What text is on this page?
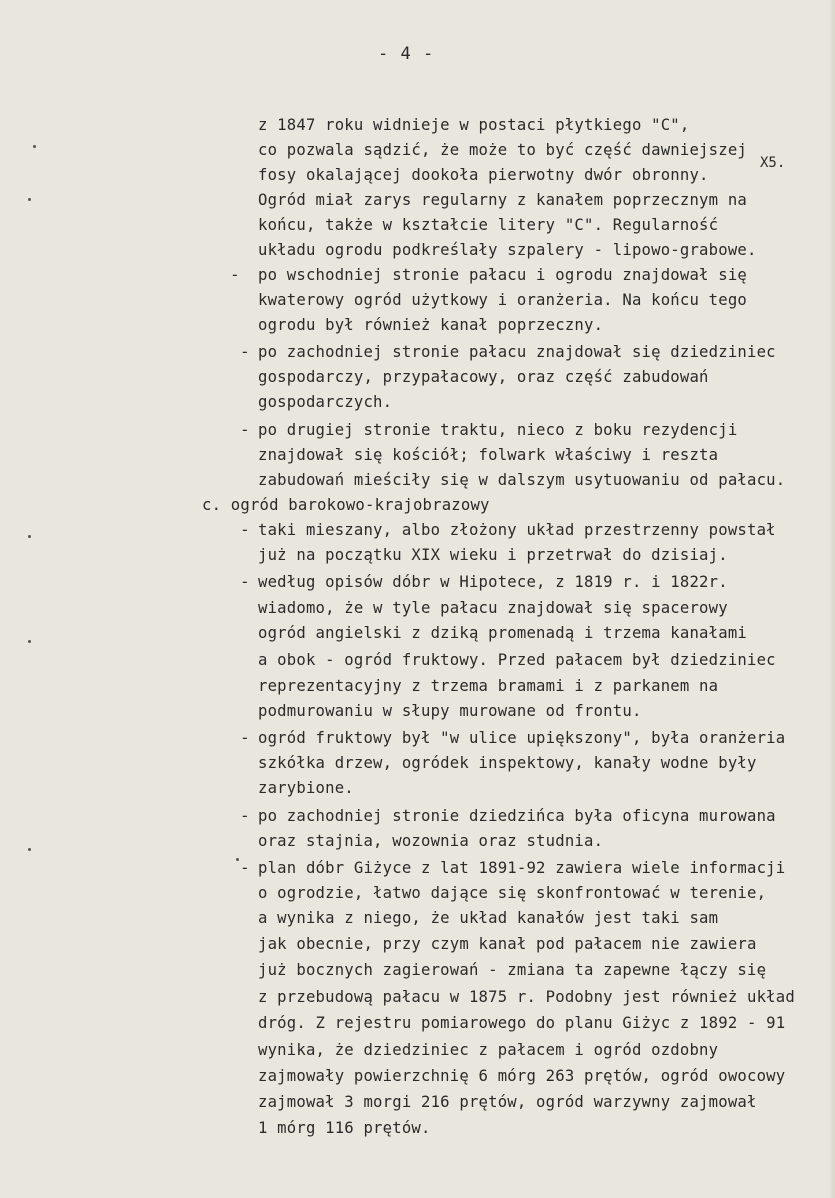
- 4 -
z 1847 roku widnieje w postaci płytkiego "C",
co pozwala sądzić, że może to być część dawniejszej
fosy okalającej dookoła pierwotny dwór obronny.
X5.
Ogród miał zarys regularny z kanałem poprzecznym na
końcu, także w kształcie litery "C". Regularność
układu ogrodu podkreślały szpalery - lipowo-grabowe.
- po wschodniej stronie pałacu i ogrodu znajdował się
kwaterowy ogród użytkowy i oranżeria. Na końcu tego
ogrodu był również kanał poprzeczny.
- po zachodniej stronie pałacu znajdował się dziedziniec
gospodarczy, przypałacowy, oraz część zabudowań
gospodarczych.
- po drugiej stronie traktu, nieco z boku rezydencji
znajdował się kościół; folwark właściwy i reszta
zabudowań mieściły się w dalszym usytuowaniu od pałacu.
c. ogród barokowo-krajobrazowy
- taki mieszany, albo złożony układ przestrzenny powstał
już na początku XIX wieku i przetrwał do dzisiaj.
- według opisów dóbr w Hipotece, z 1819 r. i 1822r.
wiadomo, że w tyle pałacu znajdował się spacerowy
ogród angielski z dziką promenadą i trzema kanałami
a obok - ogród fruktowy. Przed pałacem był dziedziniec
reprezentacyjny z trzema bramami i z parkanem na
podmurowaniu w słupy murowane od frontu.
- ogród fruktowy był "w ulice upiększony", była oranżeria
szkółka drzew, ogródek inspektowy, kanały wodne były
zarybione.
- po zachodniej stronie dziedzińca była oficyna murowana
oraz stajnia, wozownia oraz studnia.
- plan dóbr Giżyce z lat 1891-92 zawiera wiele informacji
o ogrodzie, łatwo dające się skonfrontować w terenie,
a wynika z niego, że układ kanałów jest taki sam
jak obecnie, przy czym kanał pod pałacem nie zawiera
już bocznych zagierowań - zmiana ta zapewne łączy się
z przebudową pałacu w 1875 r. Podobny jest również układ
dróg. Z rejestru pomiarowego do planu Giżyc z 1892 - 91
wynika, że dziedziniec z pałacem i ogród ozdobny
zajmowały powierzchnię 6 mórg 263 prętów, ogród owocowy
zajmował 3 morgi 216 prętów, ogród warzywny zajmował
1 mórg 116 prętów.
